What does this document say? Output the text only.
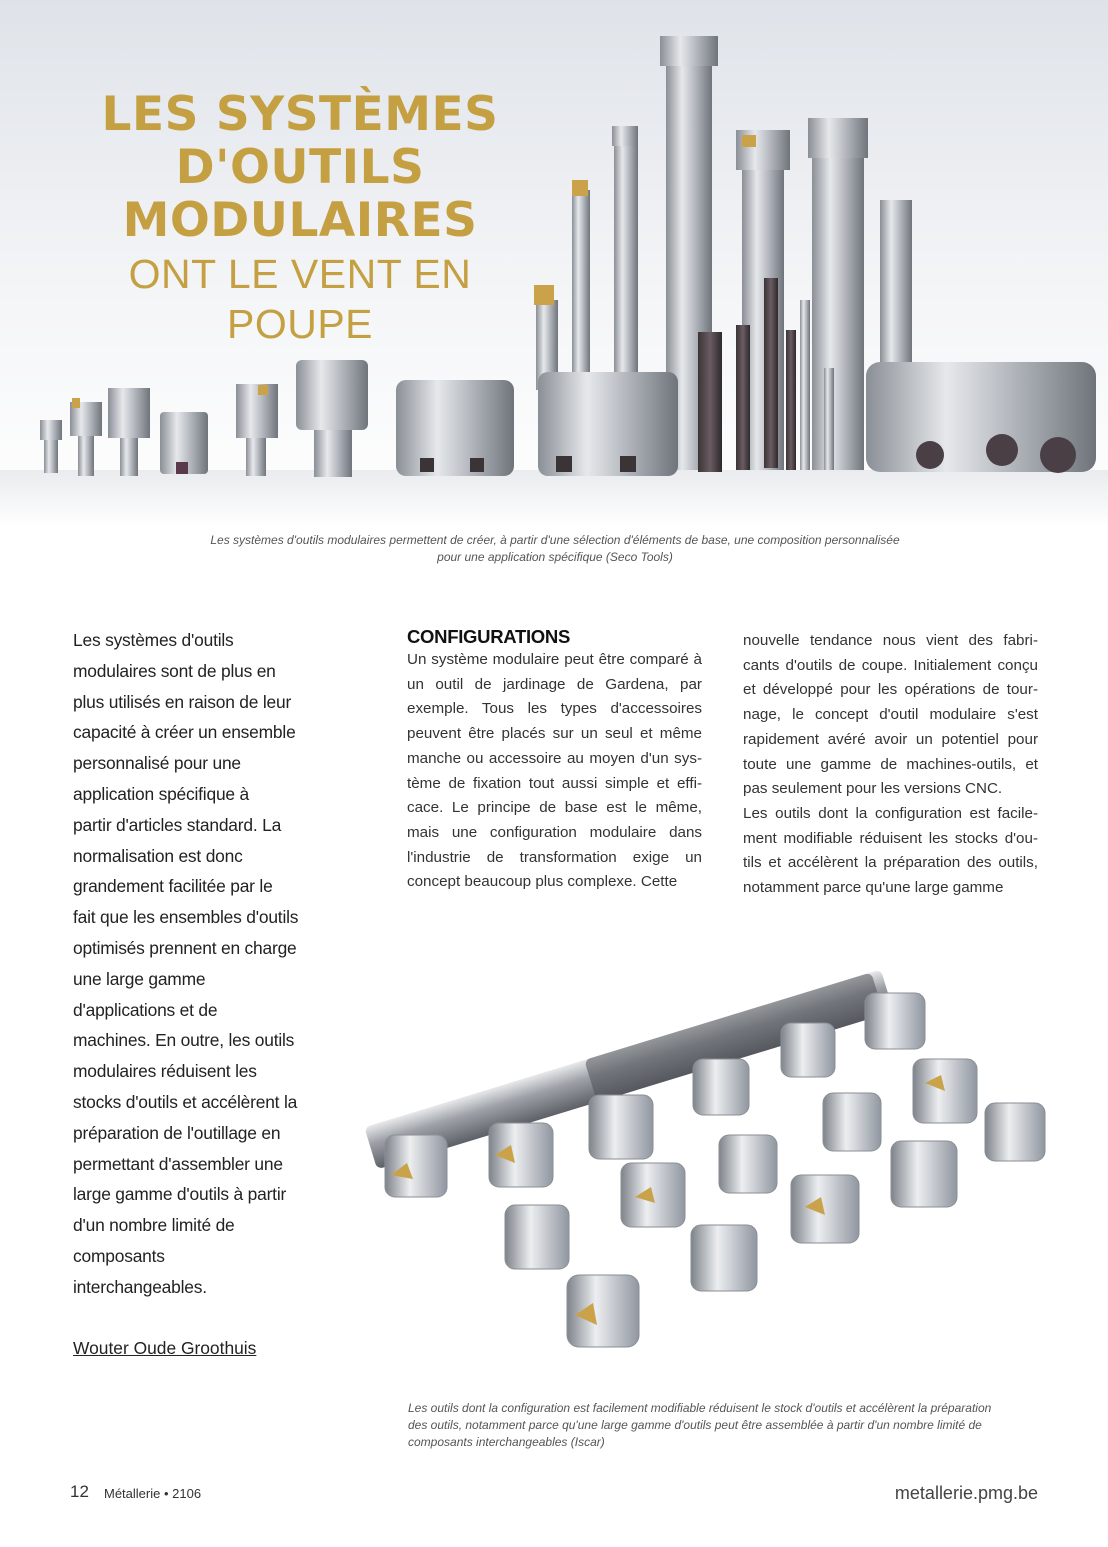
LES SYSTÈMES

D'OUTILS

MODULAIRES

ONT LE VENT EN POUPE

Les systèmes d'outils modulaires permettent de créer, à partir d'une sélection d'éléments de base, une composition personnalisée
pour une application spécifique (Seco Tools)
Les systèmes d'outils
modulaires sont de plus en
plus utilisés en raison de leur
capacité à créer un ensemble
personnalisé pour une
application spécifique à
partir d'articles standard. La
normalisation est donc
grandement facilitée par le
fait que les ensembles d'outils
optimisés prennent en charge
une large gamme
d'applications et de
machines. En outre, les outils
modulaires réduisent les
stocks d'outils et accélèrent la
préparation de l'outillage en
permettant d'assembler une
large gamme d'outils à partir
d'un nombre limité de
composants
interchangeables.
Wouter Oude Groothuis
CONFIGURATIONS

Un système modulaire peut être comparé à un outil de jardinage de Gardena, par exemple. Tous les types d'accessoires peuvent être placés sur un seul et même manche ou accessoire au moyen d'un système de fixation tout aussi simple et efficace. Le principe de base est le même, mais une configuration modulaire dans l'industrie de transformation exige un concept beaucoup plus complexe. Cette

nouvelle tendance nous vient des fabricants d'outils de coupe. Initialement conçu et développé pour les opérations de tournage, le concept d'outil modulaire s'est rapidement avéré avoir un potentiel pour toute une gamme de machines-outils, et pas seulement pour les versions CNC.

Les outils dont la configuration est facilement modifiable réduisent les stocks d'outils et accélèrent la préparation des outils, notamment parce qu'une large gamme

Les outils dont la configuration est facilement modifiable réduisent le stock d'outils et accélèrent la préparation
des outils, notamment parce qu'une large gamme d'outils peut être assemblée à partir d'un nombre limité de
composants interchangeables (Iscar)
12 Métallerie • 2106	metallerie.pmg.be
